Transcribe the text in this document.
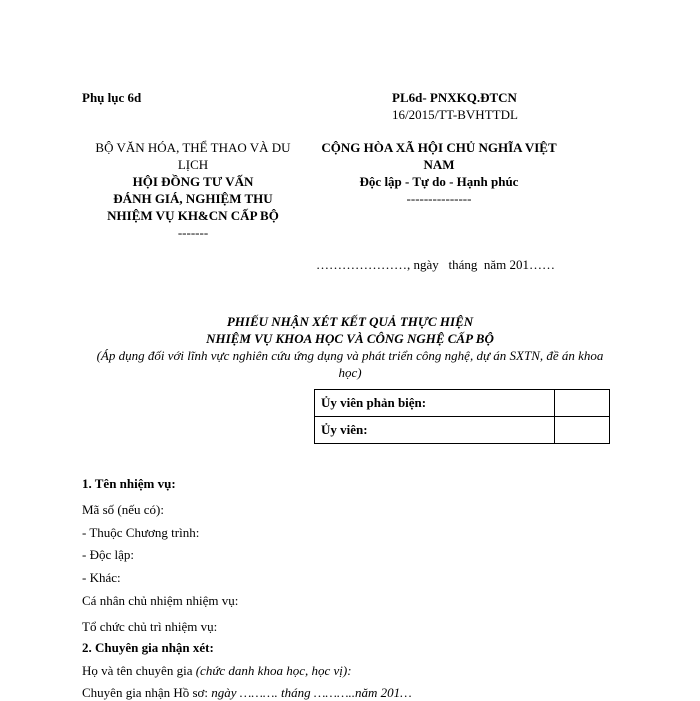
Phụ lục 6d	PL6d- PNXKQ.ĐTCN
16/2015/TT-BVHTTDL
BỘ VĂN HÓA, THỂ THAO VÀ DU
LỊCH
HỘI ĐỒNG TƯ VẤN
ĐÁNH GIÁ, NGHIỆM THU
NHIỆM VỤ KH&CN CẤP BỘ
-------
CỘNG HÒA XÃ HỘI CHỦ NGHĨA VIỆT
NAM
Độc lập - Tự do - Hạnh phúc
---------------
…………………, ngày   tháng  năm 201……
PHIẾU NHẬN XÉT KẾT QUẢ THỰC HIỆN
NHIỆM VỤ KHOA HỌC VÀ CÔNG NGHỆ CẤP BỘ
(Áp dụng đối với lĩnh vực nghiên cứu ứng dụng và phát triển công nghệ, dự án SXTN, đề án khoa
học)
Ủy viên phản biện:	
Ủy viên:	
1. Tên nhiệm vụ:
Mã số (nếu có):
- Thuộc Chương trình:
- Độc lập:
- Khác:
Cá nhân chủ nhiệm nhiệm vụ:
Tổ chức chủ trì nhiệm vụ:
2. Chuyên gia nhận xét:
Họ và tên chuyên gia (chức danh khoa học, học vị):
Chuyên gia nhận Hồ sơ: ngày ………. tháng ………..năm 201…
